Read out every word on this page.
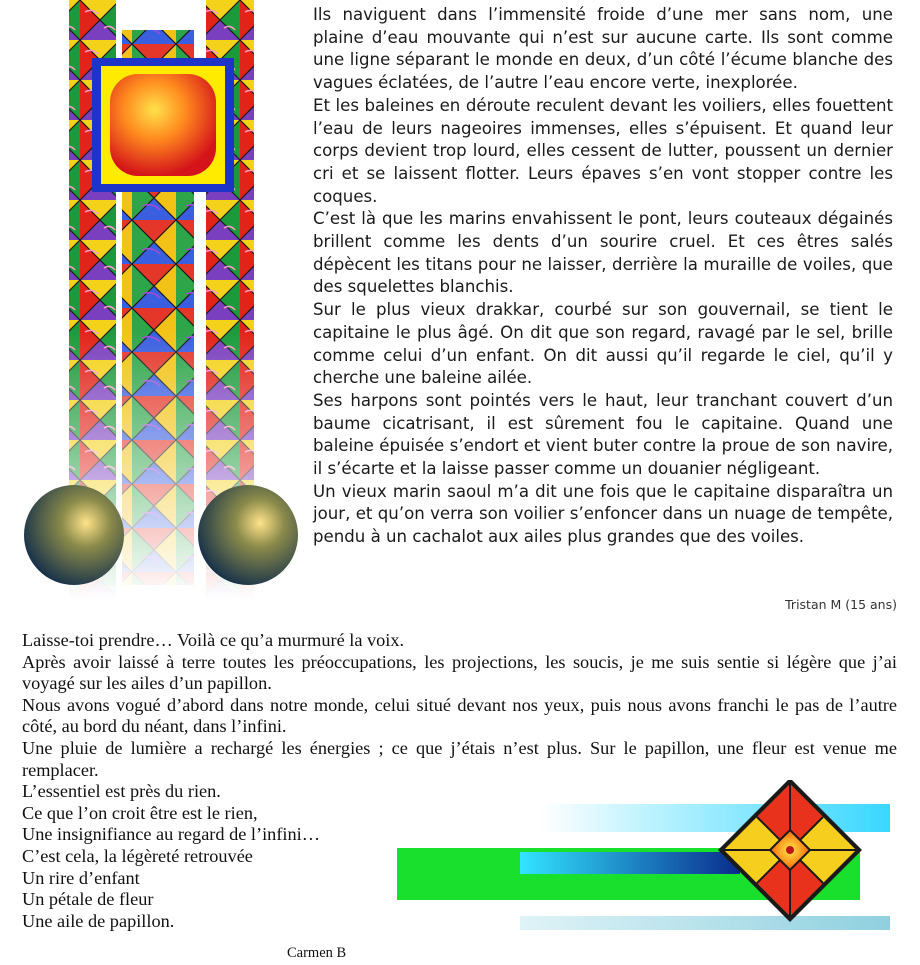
Ils naviguent dans l’immensité froide d’une mer sans nom, une plaine d’eau mouvante qui n’est sur aucune carte. Ils sont comme une ligne séparant le monde en deux, d’un côté l’écume blanche des vagues éclatées, de l’autre l’eau encore verte, inexplorée.

Et les baleines en déroute reculent devant les voiliers, elles fouettent l’eau de leurs nageoires immenses, elles s’épuisent. Et quand leur corps devient trop lourd, elles cessent de lutter, poussent un dernier cri et se laissent flotter. Leurs épaves s’en vont stopper contre les coques.

C’est là que les marins envahissent le pont, leurs couteaux dégainés brillent comme les dents d’un sourire cruel. Et ces êtres salés dépècent les titans pour ne laisser, derrière la muraille de voiles, que des squelettes blanchis.

Sur le plus vieux drakkar, courbé sur son gouvernail, se tient le capitaine le plus âgé. On dit que son regard, ravagé par le sel, brille comme celui d’un enfant. On dit aussi qu’il regarde le ciel, qu’il y cherche une baleine ailée.

Ses harpons sont pointés vers le haut, leur tranchant couvert d’un baume cicatrisant, il est sûrement fou le capitaine. Quand une baleine épuisée s’endort et vient buter contre la proue de son navire, il s’écarte et la laisse passer comme un douanier négligeant.

Un vieux marin saoul m’a dit une fois que le capitaine disparaîtra un jour, et qu’on verra son voilier s’enfoncer dans un nuage de tempête, pendu à un cachalot aux ailes plus grandes que des voiles.

Tristan M (15 ans)

Laisse-toi prendre… Voilà ce qu’a murmuré la voix.

Après avoir laissé à terre toutes les préoccupations, les projections, les soucis, je me suis sentie si légère que j’ai voyagé sur les ailes d’un papillon.

Nous avons vogué d’abord dans notre monde, celui situé devant nos yeux, puis nous avons franchi le pas de l’autre côté, au bord du néant, dans l’infini.

Une pluie de lumière a rechargé les énergies ; ce que j’étais n’est plus. Sur le papillon, une fleur est venue me remplacer.

L’essentiel est près du rien.

Ce que l’on croit être est le rien,

Une insignifiance au regard de l’infini…

C’est cela, la légèreté retrouvée

Un rire d’enfant

Un pétale de fleur

Une aile de papillon.

Carmen B
